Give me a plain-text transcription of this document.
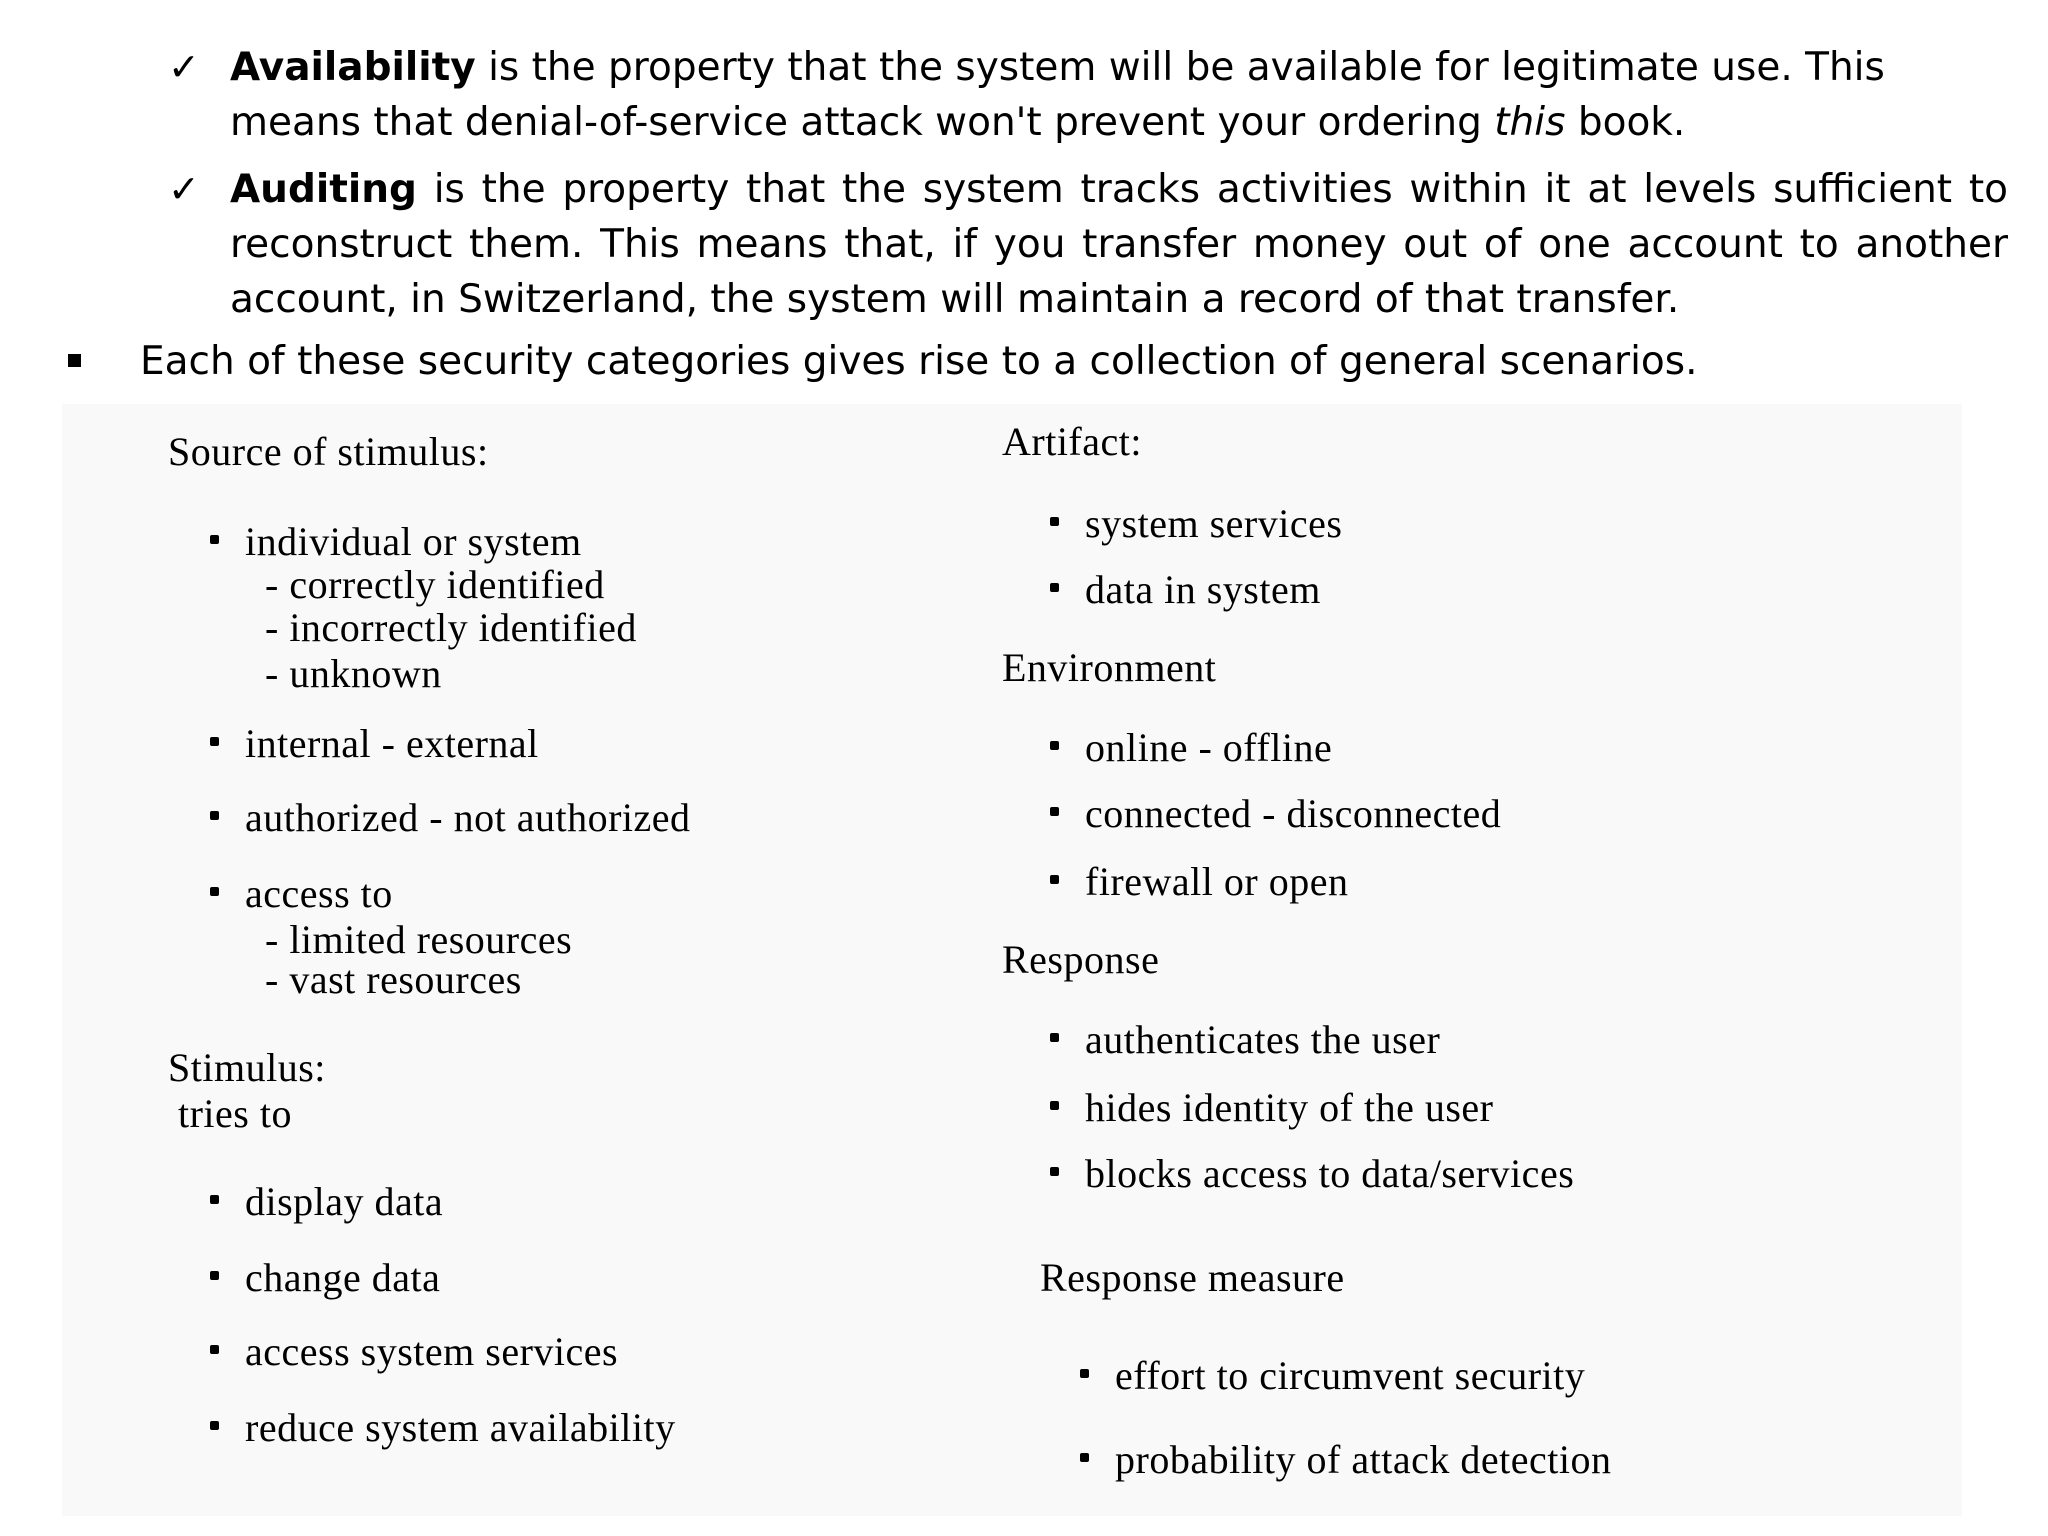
✓ Availability is the property that the system will be available for legitimate use. This
means that denial-of-service attack won't prevent your ordering this book.
✓ Auditing is the property that the system tracks activities within it at levels sufficient to reconstruct them. This means that, if you transfer money out of one account to another account, in Switzerland, the system will maintain a record of that transfer.
Each of these security categories gives rise to a collection of general scenarios.
Source of stimulus:
individual or system
- correctly identified
- incorrectly identified
- unknown
internal - external
authorized - not authorized
access to
- limited resources
- vast resources
Stimulus:
tries to
display data
change data
access system services
reduce system availability
Artifact:
system services
data in system
Environment
online - offline
connected - disconnected
firewall or open
Response
authenticates the user
hides identity of the user
blocks access to data/services
Response measure
effort to circumvent security
probability of attack detection
